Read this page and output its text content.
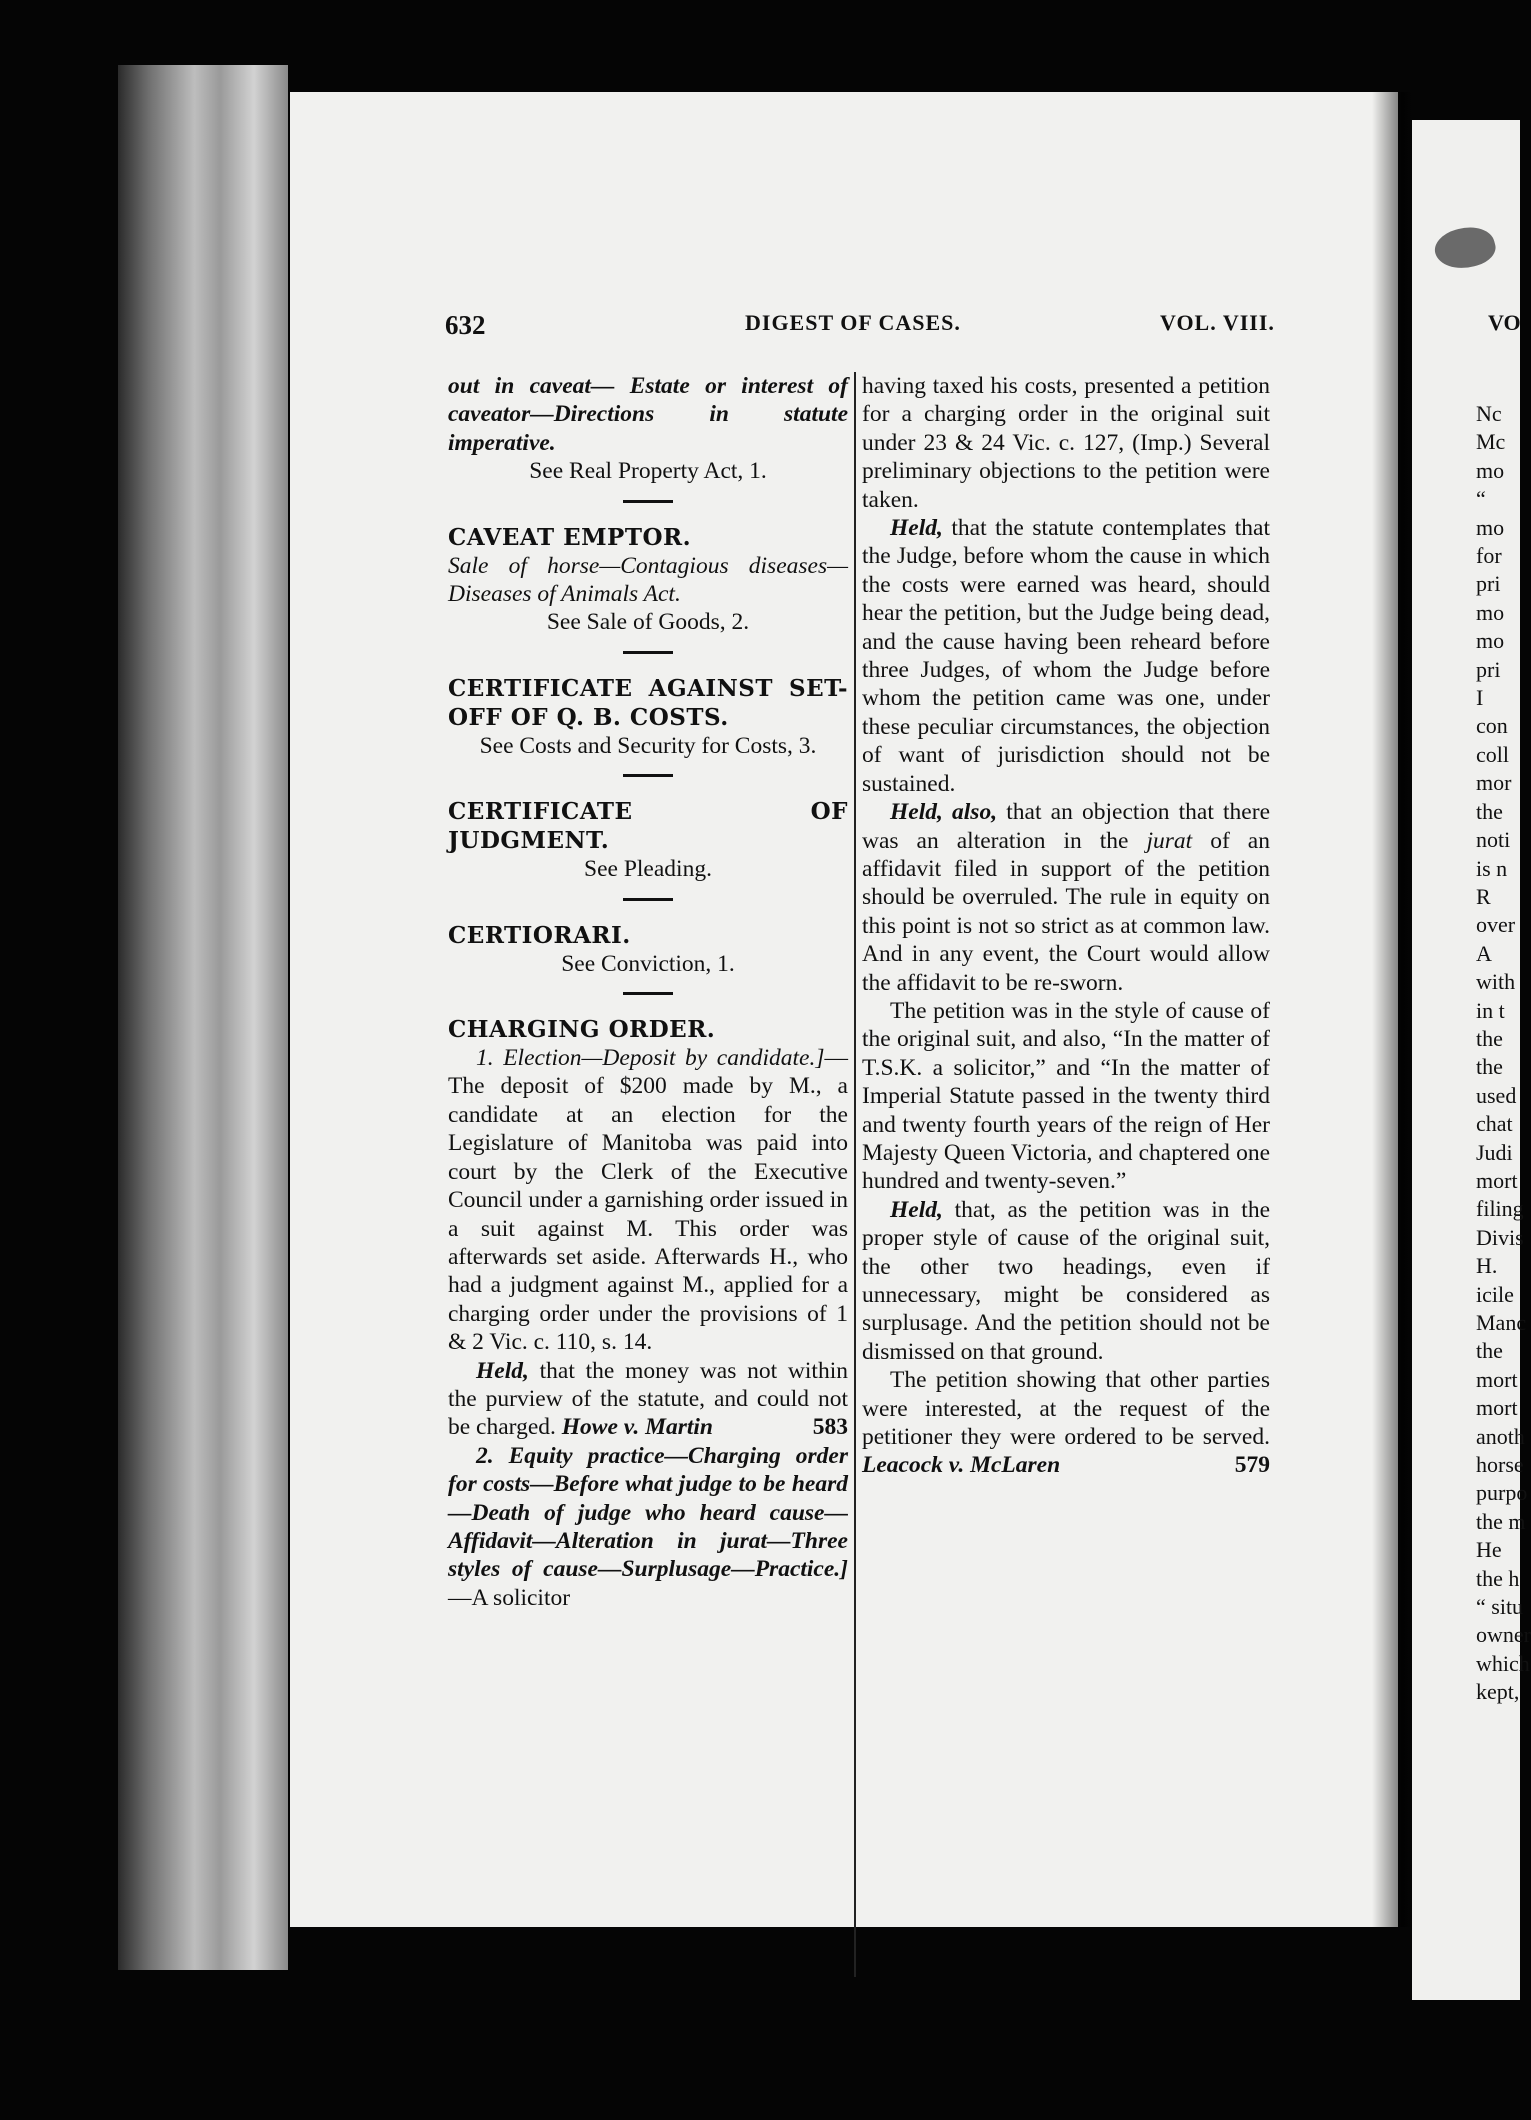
632	DIGEST OF CASES.	VOL. VIII.

out in caveat— Estate or interest of caveator—Directions in statute imperative.

See Real Property Act, 1.

CAVEAT EMPTOR.

Sale of horse—Contagious diseases—Diseases of Animals Act.

See Sale of Goods, 2.

CERTIFICATE AGAINST SET-OFF OF Q. B. COSTS.

See Costs and Security for Costs, 3.

CERTIFICATE OF JUDGMENT.

See Pleading.

CERTIORARI.

See Conviction, 1.

CHARGING ORDER.

1. Election—Deposit by candidate.]—The deposit of $200 made by M., a candidate at an election for the Legislature of Manitoba was paid into court by the Clerk of the Executive Council under a garnishing order issued in a suit against M. This order was afterwards set aside. Afterwards H., who had a judgment against M., applied for a charging order under the provisions of 1 & 2 Vic. c. 110, s. 14.

Held, that the money was not within the purview of the statute, and could not be charged. Howe v. Martin	583

2. Equity practice—Charging order for costs—Before what judge to be heard—Death of judge who heard cause—Affidavit—Alteration in jurat—Three styles of cause—Surplusage—Practice.]—A solicitor

having taxed his costs, presented a petition for a charging order in the original suit under 23 & 24 Vic. c. 127, (Imp.) Several preliminary objections to the petition were taken.

Held, that the statute contemplates that the Judge, before whom the cause in which the costs were earned was heard, should hear the petition, but the Judge being dead, and the cause having been reheard before three Judges, of whom the Judge before whom the petition came was one, under these peculiar circumstances, the objection of want of jurisdiction should not be sustained.

Held, also, that an objection that there was an alteration in the jurat of an affidavit filed in support of the petition should be overruled. The rule in equity on this point is not so strict as at common law. And in any event, the Court would allow the affidavit to be re-sworn.

The petition was in the style of cause of the original suit, and also, “In the matter of T.S.K. a solicitor,” and “In the matter of Imperial Statute passed in the twenty third and twenty fourth years of the reign of Her Majesty Queen Victoria, and chaptered one hundred and twenty-seven.”

Held, that, as the petition was in the proper style of cause of the original suit, the other two headings, even if unnecessary, might be considered as surplusage. And the petition should not be dismissed on that ground.

The petition showing that other parties were interested, at the request of the petitioner they were ordered to be served. Leacock v. McLaren	579

VO
Nc
Mc
mo
“
mo
for
pri
mo
mo
pri
I
con
coll
mor
the
noti
is n
R
over
A
with
in t
the
the
used
chat
Judi
mort
filing
Divis
H.
icile
Manc
the
mort
mort
anoth
horse
purpo
the m
He
the h
“ situ
owner
which
kept,
